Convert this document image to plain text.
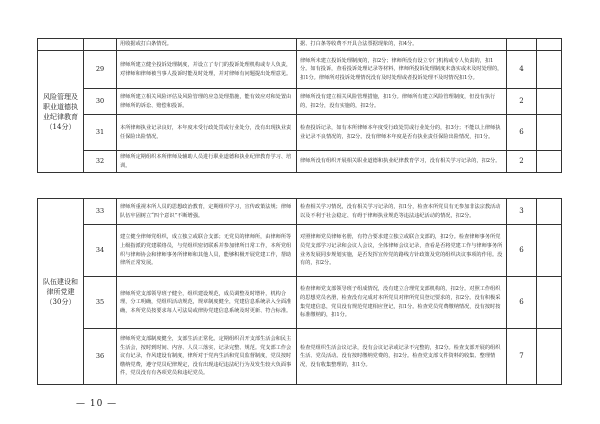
		用收据或打白条情况。	据、打白条等收费不开具合法票据现象的，扣4分。		
风险管理及职业道德执业纪律教育（14分）	29	律师所建立健全投诉处理制度，并设立了专门的投诉处理机构或专人负责，对律师和律师被当事人投诉时能及时处理，并对律师有问题提出处理意见。	律师所未建立投诉处理制度的，扣2分；律师所没有设立专门机构或专人负责的，扣1分。如有投诉，查看投诉处理记录等材料，律师所投诉处理制度未落实或未及时处理的，扣1分。律师所对投诉处理情况没有及时处理或者投诉处理不及时情况扣1分。	4	
	30	律师所建立相关风险评估及风险管理的应急处理措施，能有效应对和处置由律师所的诉讼、赔偿和投诉。	律师所没有建立相关风险管理措施，扣1分。律师所有建立风险管理制度，但没有执行的，扣2分，没有实施的，扣2分。	2	
	31	本所律师执业记录良好，本年度未受行政处罚或行业处分，没有出现执业责任保险出险情况。	检查投诉记录，如有本所律师本年度受行政处罚或行业处分的，扣3分；不能以上律师执业记录不良情况的，扣2分。没有律师本年度是否有执业责任保险出险情况，扣1分。	6	
	32	律师所定期组织本所律师及辅助人员进行职业道德和执业纪律教育学习、培训。	律师所没有组织开展相关职业道德和执业纪律教育学习，没有相关学习记录的，扣2分。	2	
队伍建设和律所党建（30分）	33	律师所重视本所人员的思想政治教育，定期组织学习，宣传政策法规；律师队伍牢固树立“四个意识”不断增强。	检查相关学习情况，没有相关学习记录的，扣1分，检查本所党员有无参加非法宗教活动以及不利于社会稳定、有碍于律师执业规范等违法违纪活动的情况，扣2分。	3	
	34	建立健全律师党组织，成立独立或联合支部；无党员的律师所，由律师所等上级指派的党建联络员，与党组织密切联系并参加律所日常工作，本所党组织与律师协会和律师事务所律师和其他人员，能够积极开展党建工作，帮助律所正常发展。	对照律师党员律师名册，有符合要求建立独立或联合支部的，扣2分。检查律师事务所党员党支部学习记录和会议人会议，全体律师会议记录，查看是否将党建工作与律师事务所业务发展同步规划实施，是否发挥宣传党的路线方针政策及党的组织决议事项的作用。没有的，扣2分。	6	
	35	律师所党支部领导班子健全，组织建设规范，成员调整及时增补，机构合理，分工明确，党组织活动规范，规章制度健全，党建信息系统录入全面准确，本所党员按要求每人可法局或律协党建信息系统及时更新、符合标准。	检查律师党支部领导班子组成情况，没有建立合理党支部机构的，扣2分。对照工作组织的思想党员名册，检查没有完成对本所党员对律所党员登记要求的，扣2分。没有积极采集党建信息，党员没有规范党建相应登记，扣1分。检查党员党费缴纳情况，没有按时按标准缴纳的，扣1分。	6	
	36	律师所党支部制度健全，支部生活正常化。定期组织召开支部生活会和民主生活会，按时到时间、内容、人员三落实，记录完整、规范。党支部工作会议有记录，作风建设有制度，律所对于党内生活和党员监督制度，党员按时缴纳党费，遵守党员纪律规定，没有出现违纪违法纪行为及发生较大负面事件，党员没有有各项党员和违纪党员。	检查党组织生活会议记录，没有会议记录或记录不完整的，扣2分。检查支部开展的组织生活、党员活动。没有按时缴纳党费的，扣2分。检查党支部文件资料的收集、整理情况，没有收集整理的，扣1分。	7	
— 10 —
